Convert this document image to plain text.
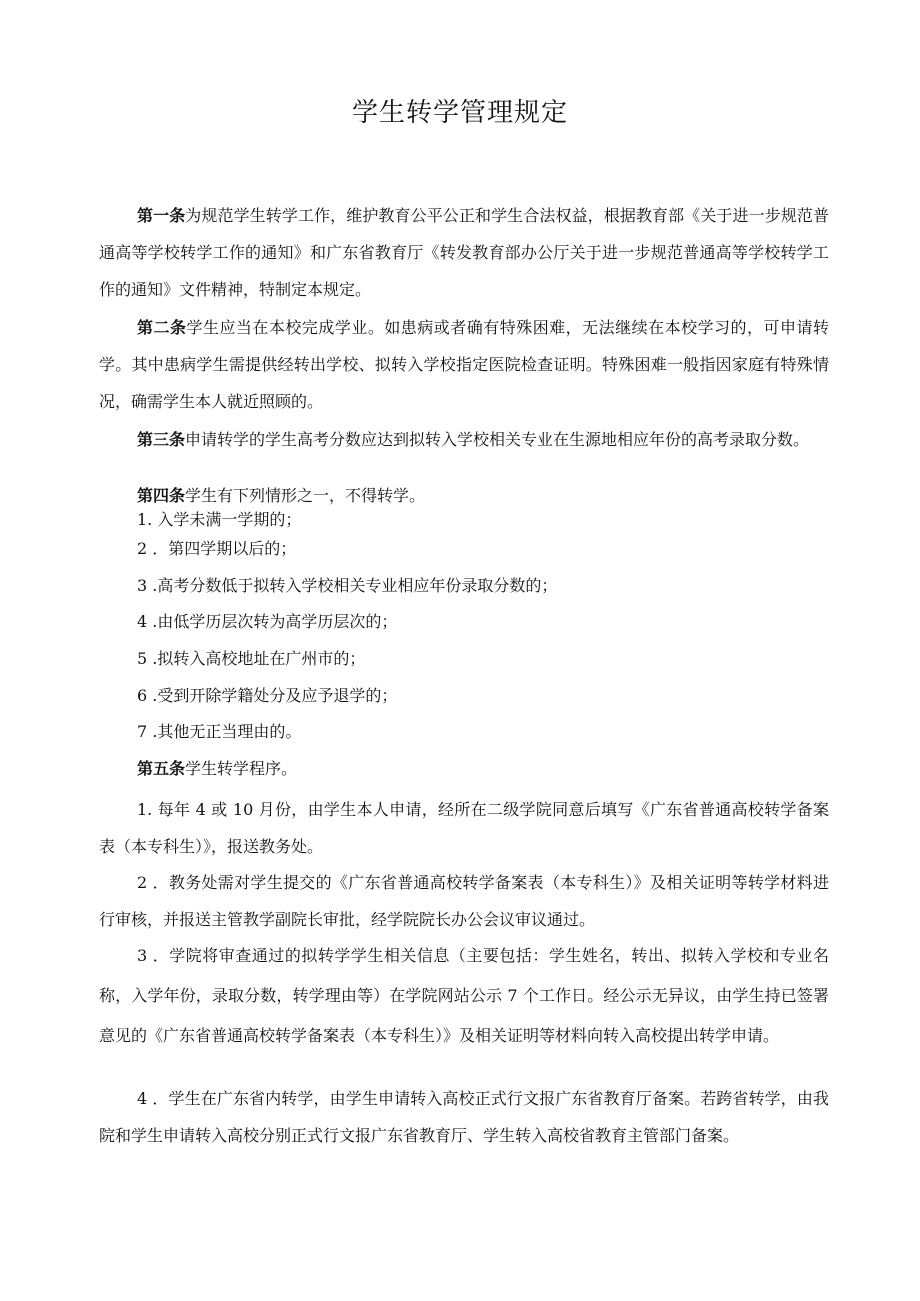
学生转学管理规定

第一条为规范学生转学工作，维护教育公平公正和学生合法权益，根据教育部《关于进一步规范普通高等学校转学工作的通知》和广东省教育厅《转发教育部办公厅关于进一步规范普通高等学校转学工作的通知》文件精神，特制定本规定。

第二条学生应当在本校完成学业。如患病或者确有特殊困难，无法继续在本校学习的，可申请转学。其中患病学生需提供经转出学校、拟转入学校指定医院检查证明。特殊困难一般指因家庭有特殊情况，确需学生本人就近照顾的。

第三条申请转学的学生高考分数应达到拟转入学校相关专业在生源地相应年份的高考录取分数。

第四条学生有下列情形之一，不得转学。

1. 入学未满一学期的；

2 ．第四学期以后的；

3 .高考分数低于拟转入学校相关专业相应年份录取分数的；

4 .由低学历层次转为高学历层次的；

5 .拟转入高校地址在广州市的；

6 .受到开除学籍处分及应予退学的；

7 .其他无正当理由的。

第五条学生转学程序。

1. 每年 4 或 10 月份，由学生本人申请，经所在二级学院同意后填写《广东省普通高校转学备案表（本专科生）》，报送教务处。

2 ．教务处需对学生提交的《广东省普通高校转学备案表（本专科生）》及相关证明等转学材料进行审核，并报送主管教学副院长审批，经学院院长办公会议审议通过。

3 ．学院将审查通过的拟转学学生相关信息（主要包括：学生姓名，转出、拟转入学校和专业名称，入学年份，录取分数，转学理由等）在学院网站公示 7 个工作日。经公示无异议，由学生持已签署意见的《广东省普通高校转学备案表（本专科生）》及相关证明等材料向转入高校提出转学申请。

4 ．学生在广东省内转学，由学生申请转入高校正式行文报广东省教育厅备案。若跨省转学，由我院和学生申请转入高校分别正式行文报广东省教育厅、学生转入高校省教育主管部门备案。
